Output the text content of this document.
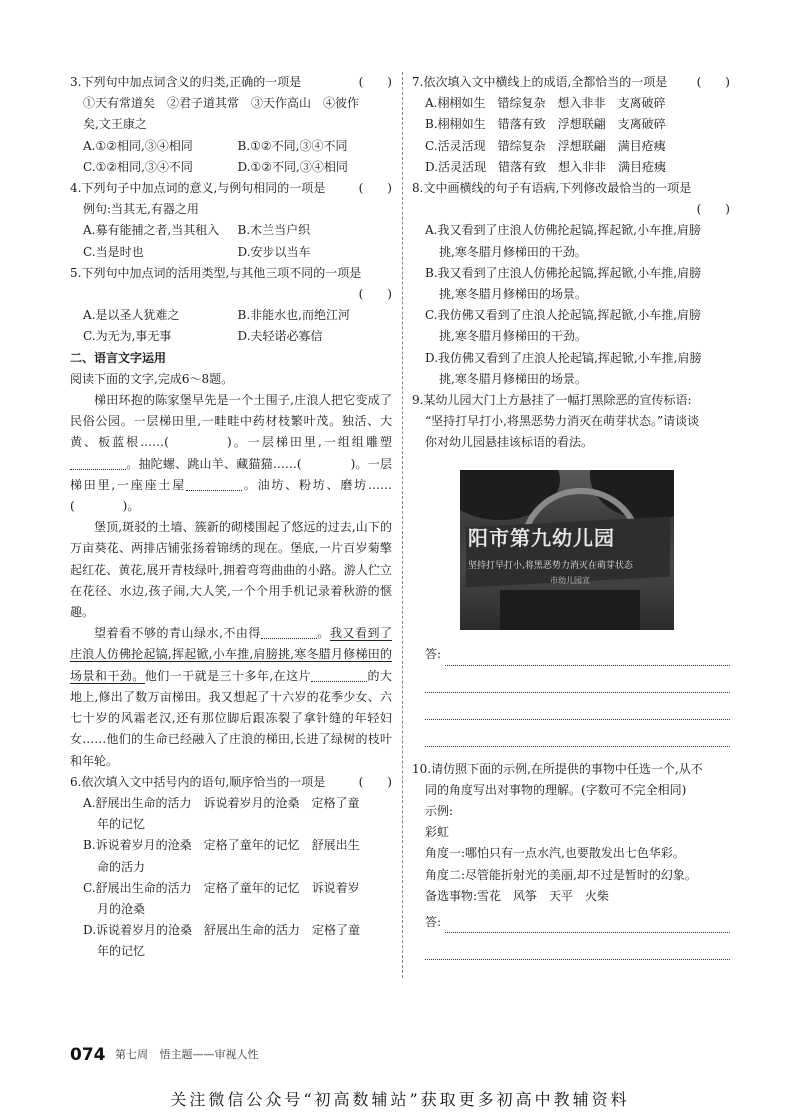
3.下列句中加点词含义的归类,正确的一项是	(　　)
①天有常道矣　②君子道其常　③天作高山　④彼作
矣,文王康之
A.①②相同,③④相同	B.①②不同,③④不同
C.①②相同,③④不同	D.①②不同,③④相同
4.下列句子中加点词的意义,与例句相同的一项是	(　　)
例句:当其无,有器之用
A.募有能捕之者,当其租入	B.木兰当户织
C.当是时也	D.安步以当车
5.下列句中加点词的活用类型,与其他三项不同的一项是
(　　)
A.是以圣人犹难之	B.非能水也,而绝江河
C.为无为,事无事	D.夫轻诺必寡信
二、语言文字运用
阅读下面的文字,完成6～8题。
梯田环抱的陈家堡早先是一个土围子,庄浪人把它变成了民俗公园。一层梯田里,一畦畦中药材枝繁叶茂。独活、大黄、板蓝根……(　　　　)。一层梯田里,一组组雕塑。抽陀螺、跳山羊、藏猫猫……(　　　　)。一层梯田里,一座座土屋	。油坊、粉坊、磨坊……(　　　　)。
堡顶,斑驳的土墙、簇新的砌楼围起了悠远的过去,山下的万亩葵花、两排店铺张扬着锦绣的现在。堡底,一片百岁菊擎起红花、黄花,展开青枝绿叶,拥着弯弯曲曲的小路。游人伫立在花径、水边,孩子闹,大人笑,一个个用手机记录着秋游的惬趣。
望着看不够的青山绿水,不由得	。我又看到了庄浪人仿佛抡起镐,挥起锨,小车推,肩膀挑,寒冬腊月修梯田的场景和干劲。他们一干就是三十多年,在这片	的大地上,修出了数万亩梯田。我又想起了十六岁的花季少女、六七十岁的风霜老汉,还有那位脚后跟冻裂了拿针缝的年轻妇女……他们的生命已经融入了庄浪的梯田,长进了绿树的枝叶和年轮。
6.依次填入文中括号内的语句,顺序恰当的一项是	(　　)
A.舒展出生命的活力　诉说着岁月的沧桑　定格了童
年的记忆
B.诉说着岁月的沧桑　定格了童年的记忆　舒展出生
命的活力
C.舒展出生命的活力　定格了童年的记忆　诉说着岁
月的沧桑
D.诉说着岁月的沧桑　舒展出生命的活力　定格了童
年的记忆
7.依次填入文中横线上的成语,全都恰当的一项是 (　　)
A.栩栩如生　错综复杂　想入非非　支离破碎
B.栩栩如生　错落有致　浮想联翩　支离破碎
C.活灵活现　错综复杂　浮想联翩　满目疮痍
D.活灵活现　错落有致　想入非非　满目疮痍
8.文中画横线的句子有语病,下列修改最恰当的一项是
(　　)
A.我又看到了庄浪人仿佛抡起镐,挥起锨,小车推,肩膀
挑,寒冬腊月修梯田的干劲。
B.我又看到了庄浪人仿佛抡起镐,挥起锨,小车推,肩膀
挑,寒冬腊月修梯田的场景。
C.我仿佛又看到了庄浪人抡起镐,挥起锨,小车推,肩膀
挑,寒冬腊月修梯田的干劲。
D.我仿佛又看到了庄浪人抡起镐,挥起锨,小车推,肩膀
挑,寒冬腊月修梯田的场景。
9.某幼儿园大门上方悬挂了一幅打黑除恶的宣传标语:
“坚持打早打小,将黑恶势力消灭在萌芽状态。”请谈谈
你对幼儿园悬挂该标语的看法。
阳市第九幼儿园
坚持打早打小,将黑恶势力消灭在萌芽状态
市幼儿园宣
答:
10.请仿照下面的示例,在所提供的事物中任选一个,从不
同的角度写出对事物的理解。(字数可不完全相同)
示例:
彩虹
角度一:哪怕只有一点水汽,也要散发出七色华彩。
角度二:尽管能折射光的美丽,却不过是暂时的幻象。
备选事物:雪花　风筝　天平　火柴
答:
074 第七周 悟主题——审视人性
关注微信公众号“初高数辅站”获取更多初高中教辅资料
